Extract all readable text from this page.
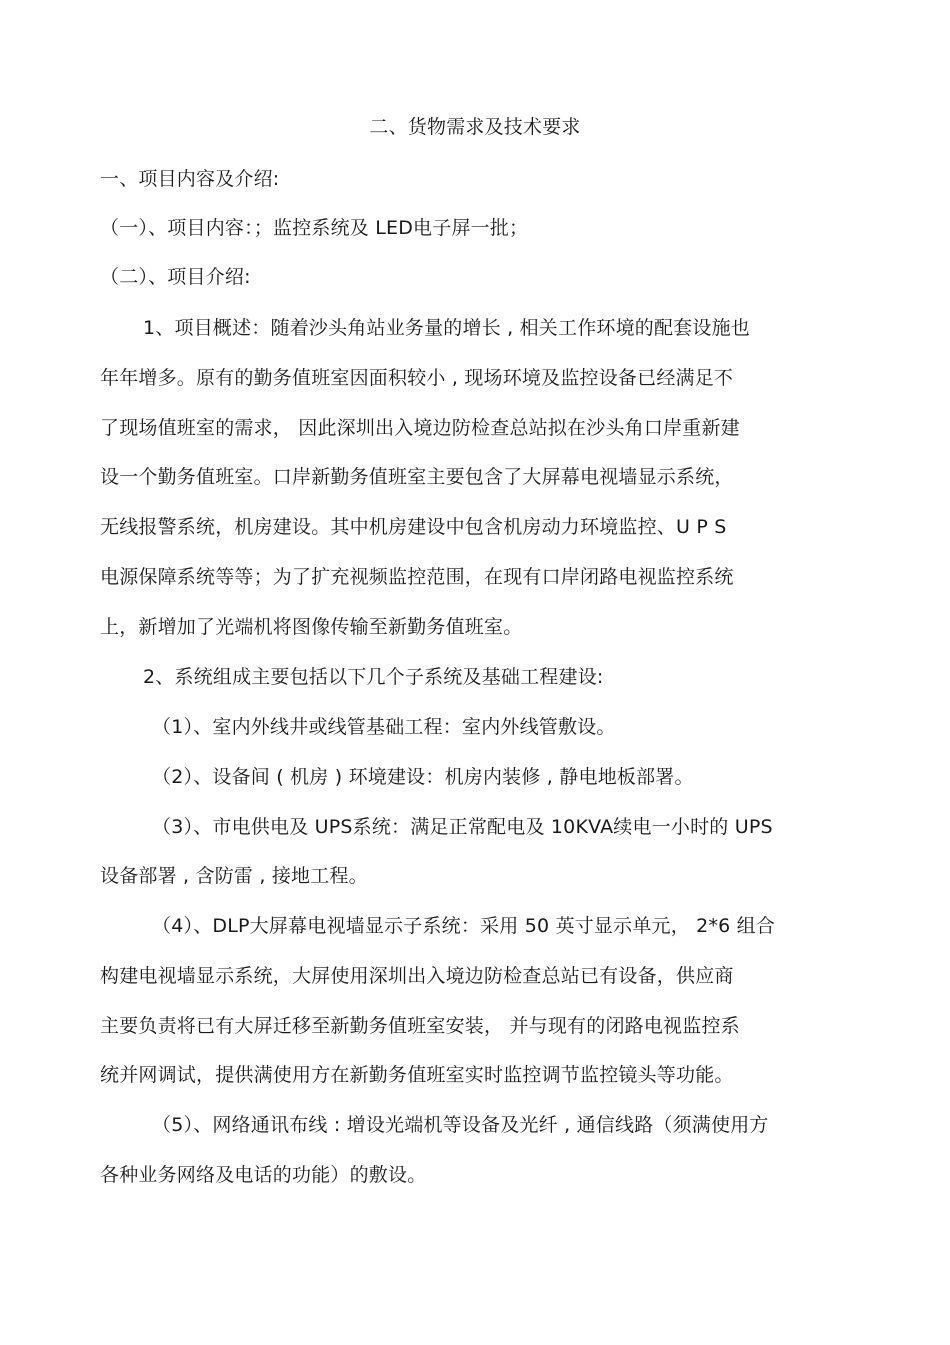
二、货物需求及技术要求
一、项目内容及介绍:
（一）、项目内容：；监控系统及 LED电子屏一批；
（二）、项目介绍:
1、项目概述：随着沙头角站业务量的增长 , 相关工作环境的配套设施也
年年增多。原有的勤务值班室因面积较小 , 现场环境及监控设备已经满足不
了现场值班室的需求， 因此深圳出入境边防检查总站拟在沙头角口岸重新建
设一个勤务值班室。口岸新勤务值班室主要包含了大屏幕电视墙显示系统，
无线报警系统，机房建设。其中机房建设中包含机房动力环境监控、U P S
电源保障系统等等；为了扩充视频监控范围，在现有口岸闭路电视监控系统
上，新增加了光端机将图像传输至新勤务值班室。
2、系统组成主要包括以下几个子系统及基础工程建设:
（1）、室内外线井或线管基础工程：室内外线管敷设。
（2）、设备间 ( 机房 ) 环境建设：机房内装修 , 静电地板部署。
（3）、市电供电及 UPS系统：满足正常配电及 10KVA续电一小时的 UPS
设备部署 , 含防雷 , 接地工程。
（4）、DLP大屏幕电视墙显示子系统：采用 50 英寸显示单元， 2*6 组合
构建电视墙显示系统，大屏使用深圳出入境边防检查总站已有设备，供应商
主要负责将已有大屏迁移至新勤务值班室安装， 并与现有的闭路电视监控系
统并网调试，提供满使用方在新勤务值班室实时监控调节监控镜头等功能。
（5）、网络通讯布线 : 增设光端机等设备及光纤 , 通信线路（须满使用方
各种业务网络及电话的功能）的敷设。
